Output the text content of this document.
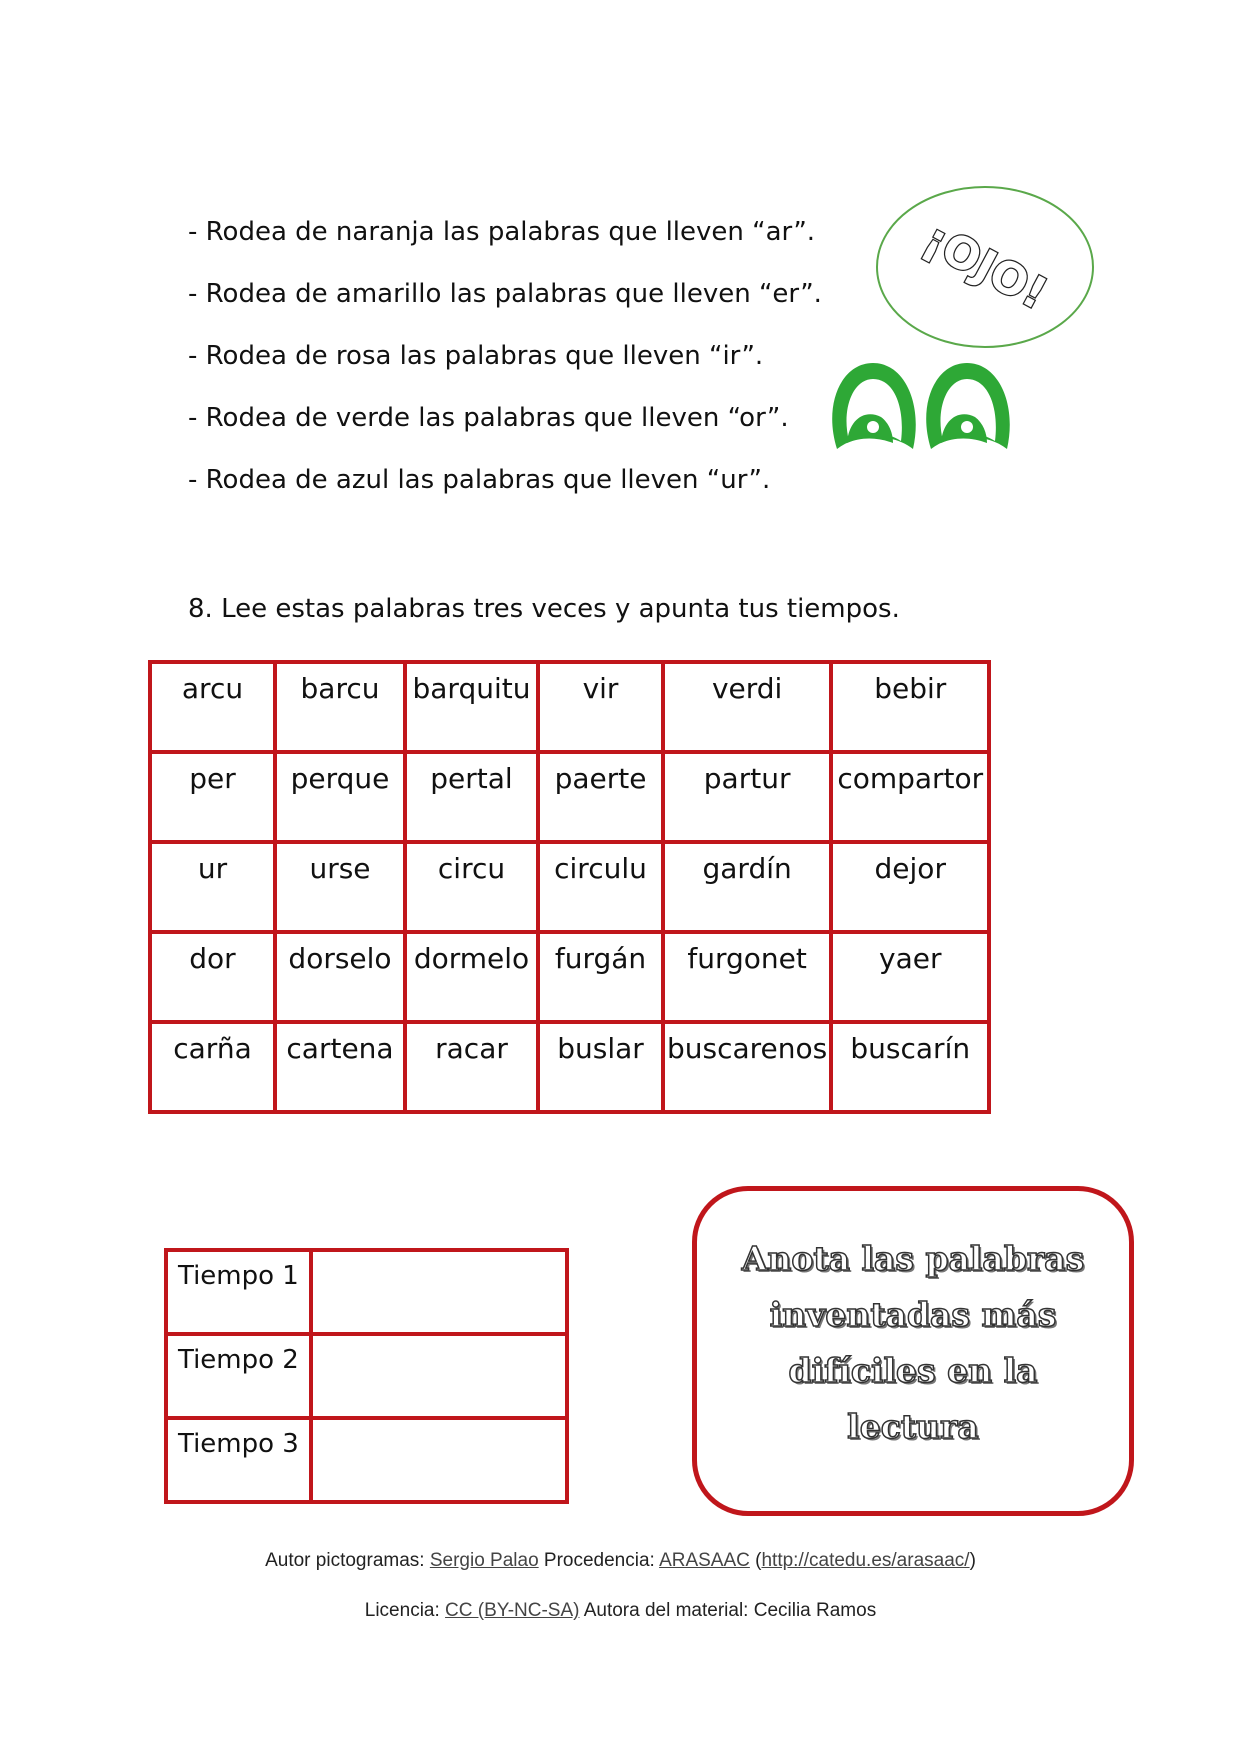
- Rodea de naranja las palabras que lleven “ar”.
- Rodea de amarillo las palabras que lleven “er”.
- Rodea de rosa las palabras que lleven “ir”.
- Rodea de verde las palabras que lleven “or”.
- Rodea de azul las palabras que lleven “ur”.
¡OJO!
8. Lee estas palabras tres veces y apunta tus tiempos.
arcu	barcu	barquitu	vir	verdi	bebir
per	perque	pertal	paerte	partur	compartor
ur	urse	circu	circulu	gardín	dejor
dor	dorselo	dormelo	furgán	furgonet	yaer
carña	cartena	racar	buslar	buscarenos	buscarín
Tiempo 1	
Tiempo 2	
Tiempo 3	
Anota las palabras inventadas más difíciles en la lectura
Autor pictogramas: Sergio Palao Procedencia: ARASAAC (http://catedu.es/arasaac/)
Licencia: CC (BY-NC-SA) Autora del material: Cecilia Ramos
